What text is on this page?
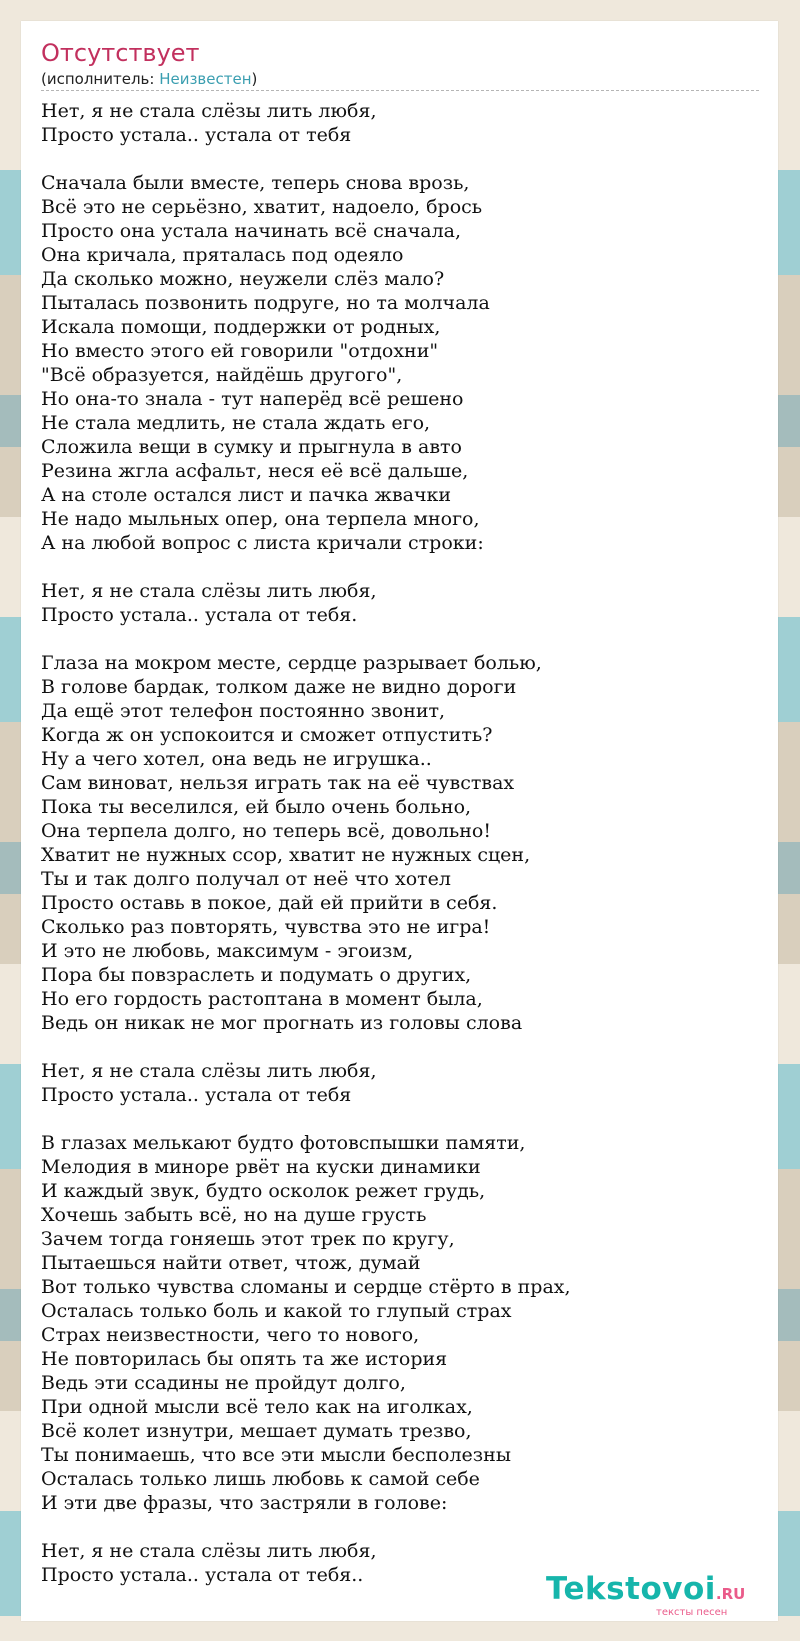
Отсутствует
(исполнитель: Неизвестен)
Нет, я не стала слёзы лить любя,
Просто устала.. устала от тебя
Сначала были вместе, теперь снова врозь,
Всё это не серьёзно, хватит, надоело, брось
Просто она устала начинать всё сначала,
Она кричала, пряталась под одеяло
Да сколько можно, неужели слёз мало?
Пыталась позвонить подруге, но та молчала
Искала помощи, поддержки от родных,
Но вместо этого ей говорили "отдохни"
"Всё образуется, найдёшь другого",
Но она-то знала - тут наперёд всё решено
Не стала медлить, не стала ждать его,
Сложила вещи в сумку и прыгнула в авто
Резина жгла асфальт, неся её всё дальше,
А на столе остался лист и пачка жвачки
Не надо мыльных опер, она терпела много,
А на любой вопрос с листа кричали строки:
Нет, я не стала слёзы лить любя,
Просто устала.. устала от тебя.
Глаза на мокром месте, сердце разрывает болью,
В голове бардак, толком даже не видно дороги
Да ещё этот телефон постоянно звонит,
Когда ж он успокоится и сможет отпустить?
Ну а чего хотел, она ведь не игрушка..
Сам виноват, нельзя играть так на её чувствах
Пока ты веселился, ей было очень больно,
Она терпела долго, но теперь всё, довольно!
Хватит не нужных ссор, хватит не нужных сцен,
Ты и так долго получал от неё что хотел
Просто оставь в покое, дай ей прийти в себя.
Сколько раз повторять, чувства это не игра!
И это не любовь, максимум - эгоизм,
Пора бы повзраслеть и подумать о других,
Но его гордость растоптана в момент была,
Ведь он никак не мог прогнать из головы слова
Нет, я не стала слёзы лить любя,
Просто устала.. устала от тебя
В глазах мелькают будто фотовспышки памяти,
Мелодия в миноре рвёт на куски динамики
И каждый звук, будто осколок режет грудь,
Хочешь забыть всё, но на душе грусть
Зачем тогда гоняешь этот трек по кругу,
Пытаешься найти ответ, чтож, думай
Вот только чувства сломаны и сердце стёрто в прах,
Осталась только боль и какой то глупый страх
Страх неизвестности, чего то нового,
Не повторилась бы опять та же история
Ведь эти ссадины не пройдут долго,
При одной мысли всё тело как на иголках,
Всё колет изнутри, мешает думать трезво,
Ты понимаешь, что все эти мысли бесполезны
Осталась только лишь любовь к самой себе
И эти две фразы, что застряли в голове:
Нет, я не стала слёзы лить любя,
Просто устала.. устала от тебя..	Tekstovoi.RU
тексты песен
